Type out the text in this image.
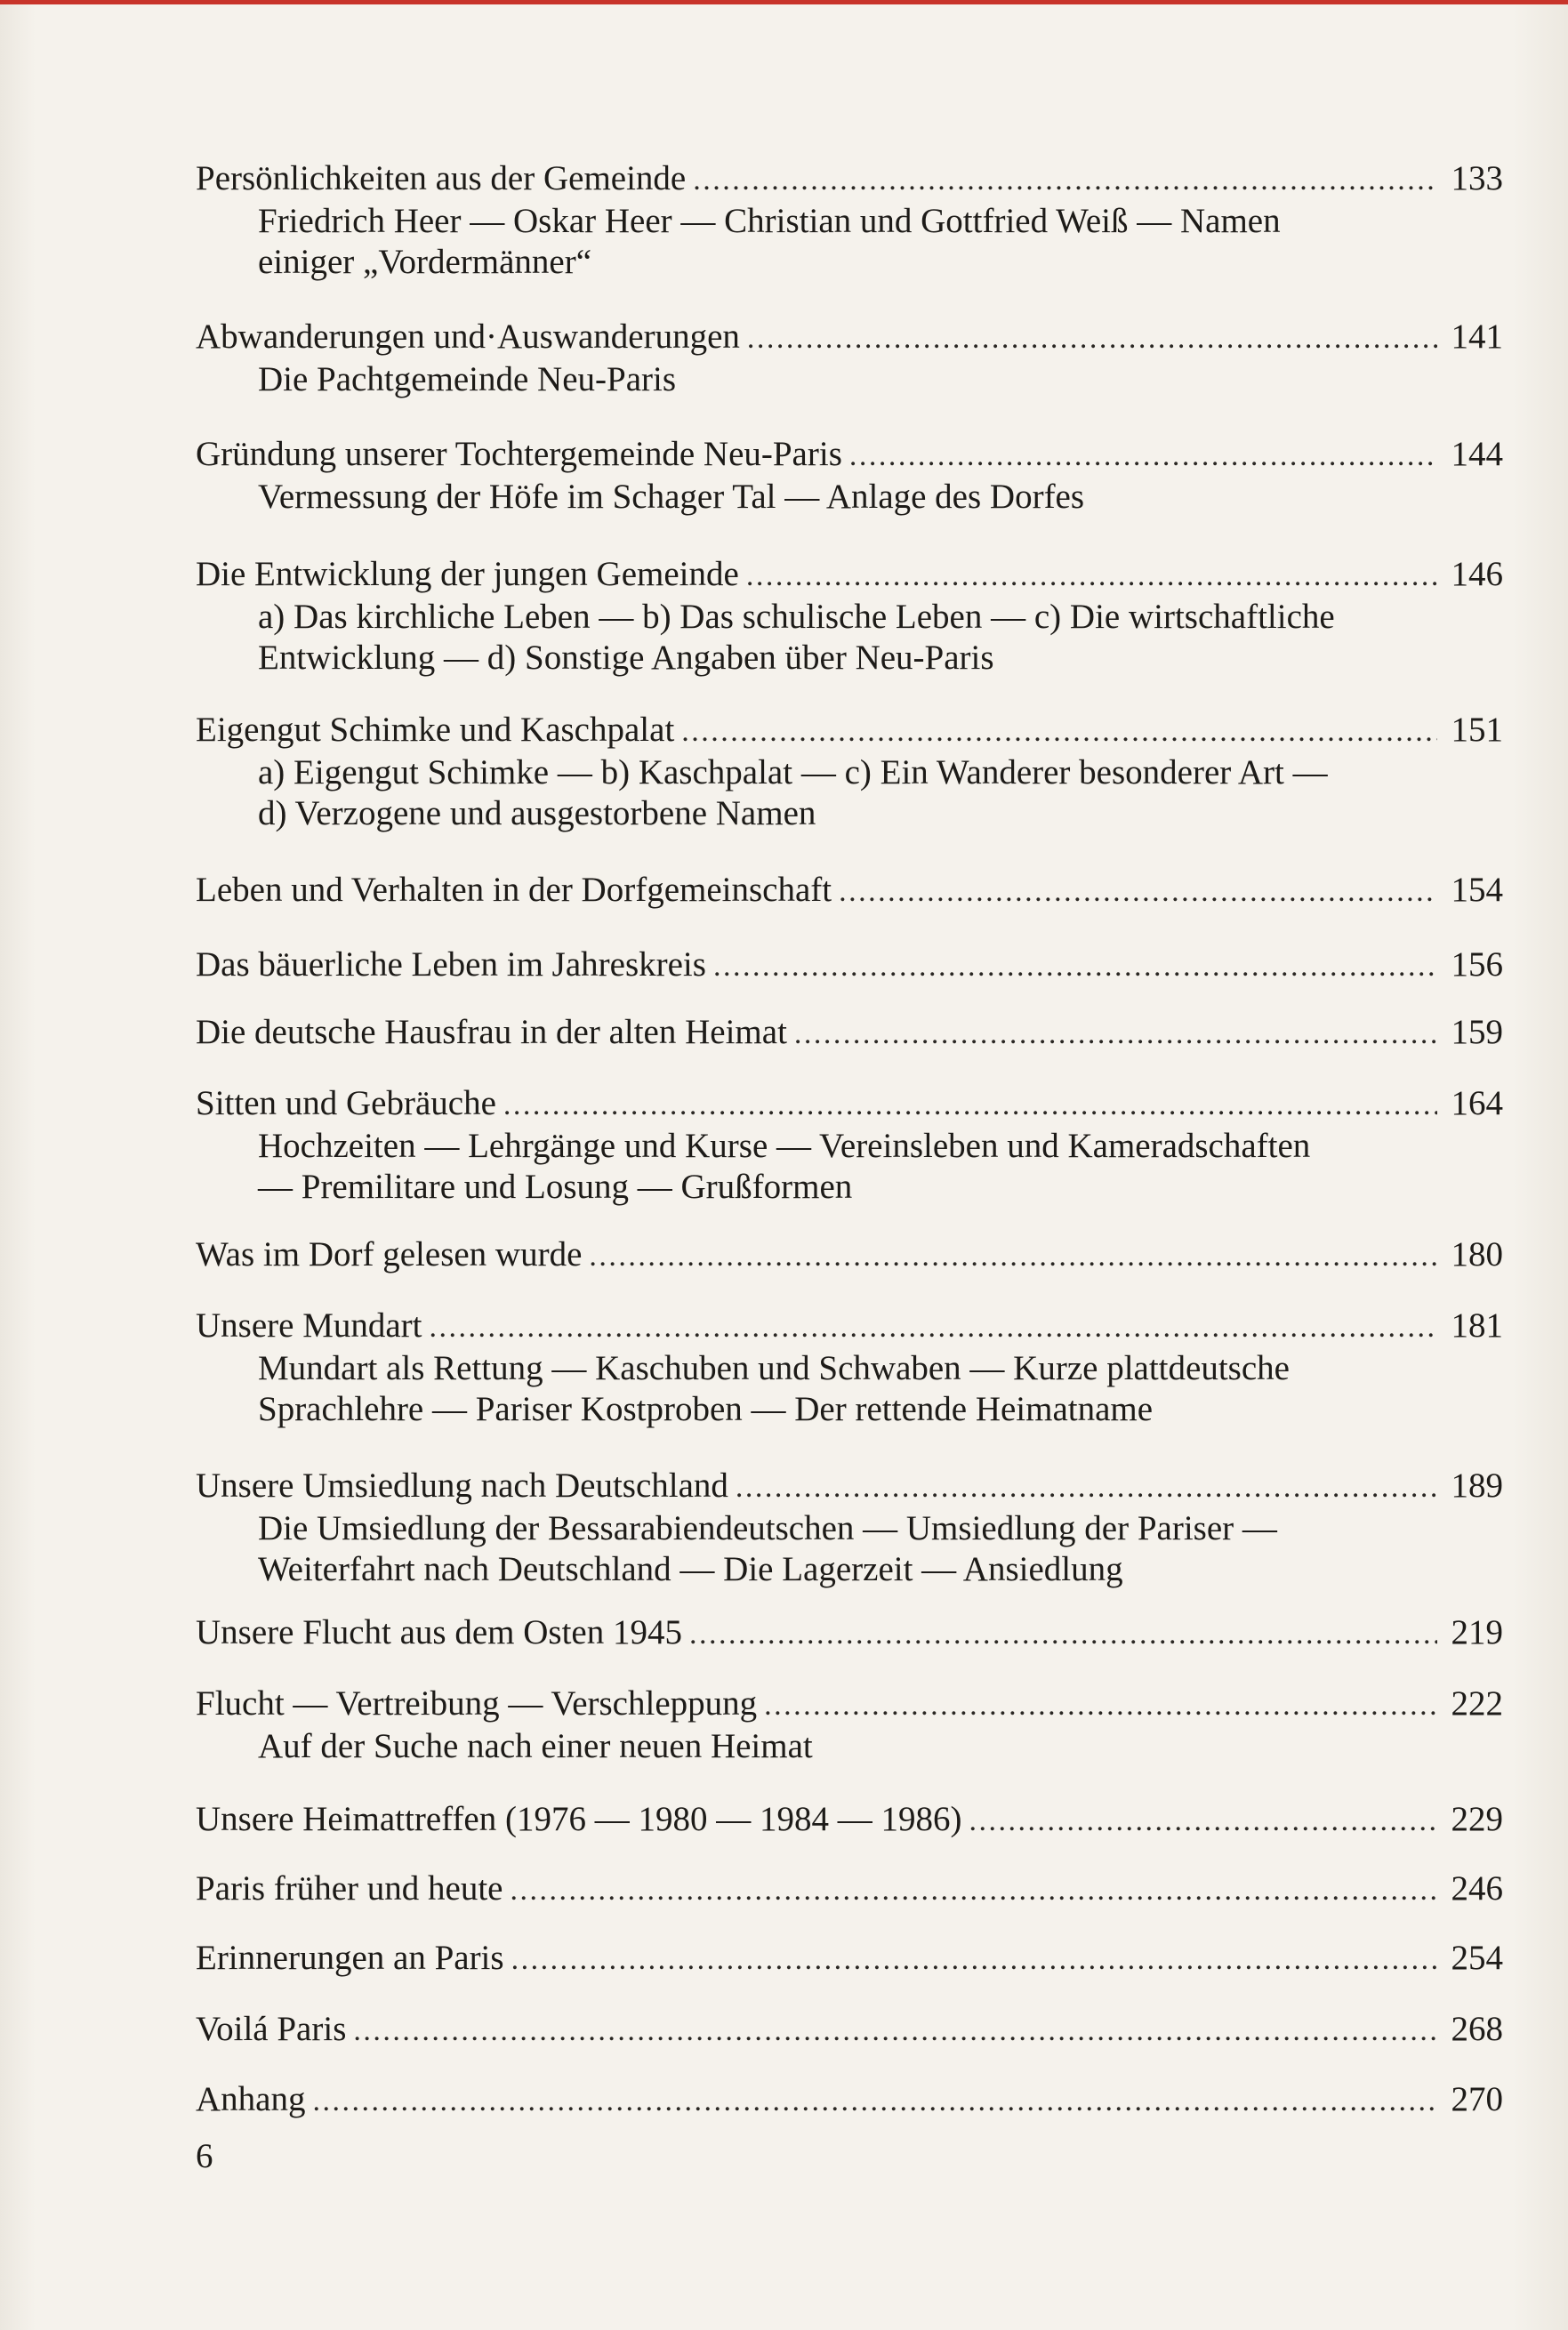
Persönlichkeiten aus der Gemeinde . . .	133
Friedrich Heer — Oskar Heer — Christian und Gottfried Weiß — Namen
einiger „Vordermänner“
Abwanderungen und·Auswanderungen . . .	141
Die Pachtgemeinde Neu-Paris
Gründung unserer Tochtergemeinde Neu-Paris . . .	144
Vermessung der Höfe im Schager Tal — Anlage des Dorfes
Die Entwicklung der jungen Gemeinde . . .	146
a) Das kirchliche Leben — b) Das schulische Leben — c) Die wirtschaftliche
Entwicklung — d) Sonstige Angaben über Neu-Paris
Eigengut Schimke und Kaschpalat . . .	151
a) Eigengut Schimke — b) Kaschpalat — c) Ein Wanderer besonderer Art —
d) Verzogene und ausgestorbene Namen
Leben und Verhalten in der Dorfgemeinschaft . . .	154
Das bäuerliche Leben im Jahreskreis . . .	156
Die deutsche Hausfrau in der alten Heimat . . .	159
Sitten und Gebräuche . . .	164
Hochzeiten — Lehrgänge und Kurse — Vereinsleben und Kameradschaften
— Premilitare und Losung — Grußformen
Was im Dorf gelesen wurde . . .	180
Unsere Mundart . . .	181
Mundart als Rettung — Kaschuben und Schwaben — Kurze plattdeutsche
Sprachlehre — Pariser Kostproben — Der rettende Heimatname
Unsere Umsiedlung nach Deutschland . . .	189
Die Umsiedlung der Bessarabiendeutschen — Umsiedlung der Pariser —
Weiterfahrt nach Deutschland — Die Lagerzeit — Ansiedlung
Unsere Flucht aus dem Osten 1945 . . .	219
Flucht — Vertreibung — Verschleppung . . .	222
Auf der Suche nach einer neuen Heimat
Unsere Heimattreffen (1976 — 1980 — 1984 — 1986) . . .	229
Paris früher und heute . . .	246
Erinnerungen an Paris . . .	254
Voilá Paris . . .	268
Anhang . . .	270
6
